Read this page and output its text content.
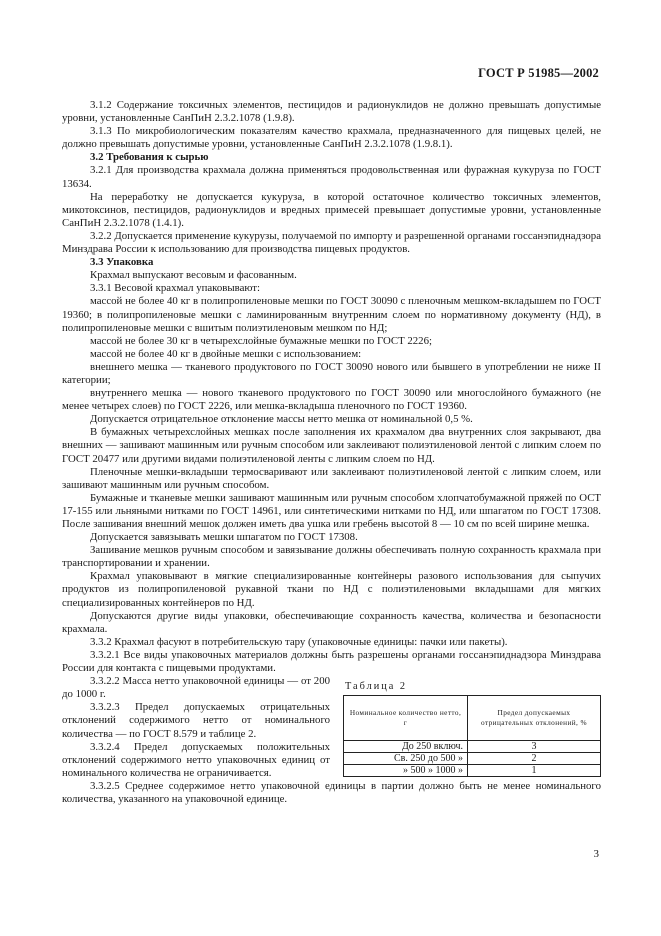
ГОСТ Р 51985—2002

3.1.2 Содержание токсичных элементов, пестицидов и радионуклидов не должно превышать допустимые уровни, установленные СанПиН 2.3.2.1078 (1.9.8).

3.1.3 По микробиологическим показателям качество крахмала, предназначенного для пищевых целей, не должно превышать допустимые уровни, установленные СанПиН 2.3.2.1078 (1.9.8.1).

3.2 Требования к сырью

3.2.1 Для производства крахмала должна применяться продовольственная или фуражная кукуруза по ГОСТ 13634.

На переработку не допускается кукуруза, в которой остаточное количество токсичных элементов, микотоксинов, пестицидов, радионуклидов и вредных примесей превышает допустимые уровни, установленные СанПиН 2.3.2.1078 (1.4.1).

3.2.2 Допускается применение кукурузы, получаемой по импорту и разрешенной органами госсанэпиднадзора Минздрава России к использованию для производства пищевых продуктов.

3.3 Упаковка

Крахмал выпускают весовым и фасованным.

3.3.1 Весовой крахмал упаковывают:

массой не более 40 кг в полипропиленовые мешки по ГОСТ 30090 с пленочным мешком-вкладышем по ГОСТ 19360; в полипропиленовые мешки с ламинированным внутренним слоем по нормативному документу (НД), в полипропиленовые мешки с вшитым полиэтиленовым мешком по НД;

массой не более 30 кг в четырехслойные бумажные мешки по ГОСТ 2226;

массой не более 40 кг в двойные мешки с использованием:

внешнего мешка — тканевого продуктового по ГОСТ 30090 нового или бывшего в употреблении не ниже II категории;

внутреннего мешка — нового тканевого продуктового по ГОСТ 30090 или многослойного бумажного (не менее четырех слоев) по ГОСТ 2226, или мешка-вкладыша пленочного по ГОСТ 19360.

Допускается отрицательное отклонение массы нетто мешка от номинальной 0,5 %.

В бумажных четырехслойных мешках после заполнения их крахмалом два внутренних слоя закрывают, два внешних — зашивают машинным или ручным способом или заклеивают полиэтиленовой лентой с липким слоем по ГОСТ 20477 или другими видами полиэтиленовой ленты с липким слоем по НД.

Пленочные мешки-вкладыши термосваривают или заклеивают полиэтиленовой лентой с липким слоем, или зашивают машинным или ручным способом.

Бумажные и тканевые мешки зашивают машинным или ручным способом хлопчатобумажной пряжей по ОСТ 17-155 или льняными нитками по ГОСТ 14961, или синтетическими нитками по НД, или шпагатом по ГОСТ 17308. После зашивания внешний мешок должен иметь два ушка или гребень высотой 8 — 10 см по всей ширине мешка.

Допускается завязывать мешки шпагатом по ГОСТ 17308.

Зашивание мешков ручным способом и завязывание должны обеспечивать полную сохранность крахмала при транспортировании и хранении.

Крахмал упаковывают в мягкие специализированные контейнеры разового использования для сыпучих продуктов из полипропиленовой рукавной ткани по НД с полиэтиленовыми вкладышами для мягких специализированных контейнеров по НД.

Допускаются другие виды упаковки, обеспечивающие сохранность качества, количества и безопасности крахмала.

3.3.2 Крахмал фасуют в потребительскую тару (упаковочные единицы: пачки или пакеты).

3.3.2.1 Все виды упаковочных материалов должны быть разрешены органами госсанэпиднадзора Минздрава России для контакта с пищевыми продуктами.

3.3.2.2 Масса нетто упаковочной единицы — от 200 до 1000 г.

3.3.2.3 Предел допускаемых отрицательных отклонений содержимого нетто от номинального количества — по ГОСТ 8.579 и таблице 2.

3.3.2.4 Предел допускаемых положительных отклонений содержимого нетто упаковочных единиц от номинального количества не ограничивается.

Таблица 2
Номинальное количество нетто, г	Предел допускаемых отрицательных отклонений, %
До 250 включ.	3
Св. 250 до 500 »	2
» 500 » 1000 »	1

3.3.2.5 Среднее содержимое нетто упаковочной единицы в партии должно быть не менее номинального количества, указанного на упаковочной единице.

3
